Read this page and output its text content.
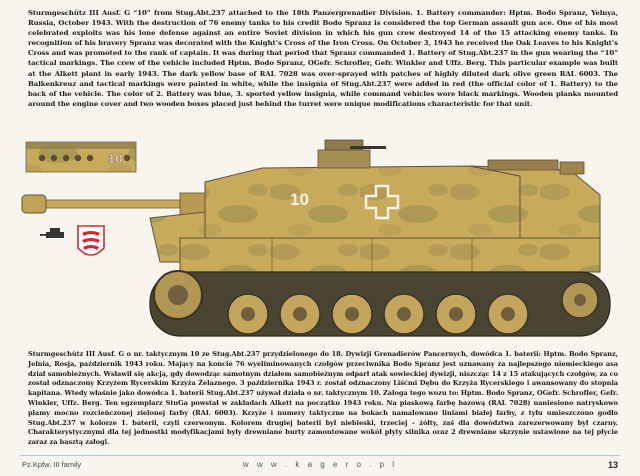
Sturmgeschütz III Ausf. G “10” from Stug.Abt.237 attached to the 18th Panzergrenadier Division. 1. Battery commander: Hptm. Bodo Spranz, Yelnya, Russia, October 1943. With the destruction of 76 enemy tanks to his credit Bodo Spranz is considered the top German assault gun ace. One of his most celebrated exploits was his lone defense against an entire Soviet division in which his gun crew destroyed 14 of the 15 attacking enemy tanks. In recognition of his bravery Spranz was decorated with the Knight’s Cross of the Iron Cross. On October 3, 1943 he received the Oak Leaves to his Knight’s Cross and was promoted to the rank of captain. It was during that period that Spranz commanded 1. Battery of Stug.Abt.237 in the gun wearing the “10” tactical markings. The crew of the vehicle included Hptm. Bodo Spranz, OGefr. Schrofler, Gefr. Winkler and Uffz. Berg. This particular example was built at the Alkett plant in early 1943. The dark yellow base of RAL 7028 was over-sprayed with patches of highly diluted dark olive green RAL 6003. The Balkenkreuz and tactical markings were painted in white, while the insignia of Stug.Abt.237 were added in red (the official color of 1. Battery) to the back of the vehicle. The color of 2. Battery was blue, 3. sported yellow insignia, while command vehicles wore black markings. Wooden planks mounted around the engine cover and two wooden boxes placed just behind the turret were unique modifications characteristic for that unit.
10
10
Sturmgeschütz III Ausf. G o nr. taktycznym 10 ze Stug.Abt.237 przydzielonego do 18. Dywizji Grenadierów Pancernych, dowódca 1. baterii: Hptm. Bodo Spranz, Jelnia, Rosja, październik 1943 roku. Mający na koncie 76 wyeliminowanych czołgów przeciwnika Bodo Spranz jest uznawany za najlepszego niemieckiego asa dział samobieżnych. Wsławił się akcją, gdy dowodząc samotnym działem samobieżnym odparł atak sowieckiej dywizji, niszcząc 14 z 15 atakujących czołgów, za co został odznaczony Krzyżem Rycerskim Krzyża Żelaznego. 3 października 1943 r. został odznaczony Liśćmi Dębu do Krzyża Rycerskiego i awansowany do stopnia kapitana. Wtedy właśnie jako dowódca 1. baterii Stug.Abt.237 używał działa o nr. taktycznym 10. Załoga tego wozu to: Hptm. Bodo Spranz, OGefr. Schrofler, Gefr. Winkler, Uffz. Berg. Ten egzemplarz StuGa powstał w zakładach Alkett na początku 1943 roku. Na piaskową farbę bazową (RAL 7028) naniesiono natryskowo plamy mocno rozcieńczonej zielonej farby (RAL 6003). Krzyże i numery taktyczne na bokach namalowano liniami białej farby, z tyłu umieszczono godło Stug.Abt.237 w kolorze 1. baterii, czyli czerwonym. Kolorem drugiej baterii był niebieski, trzeciej – żółty, zaś dla dowództwa zarezerwowany był czarny. Charakterystycznymi dla tej jednostki modyfikacjami były drewniane burty zamontowane wokół płyty silnika oraz 2 drewniane skrzynie ustawione na tej płycie zaraz za basztą załogi.
Pz.Kpfw. III family	w w w . k a g e r o . p l	13
